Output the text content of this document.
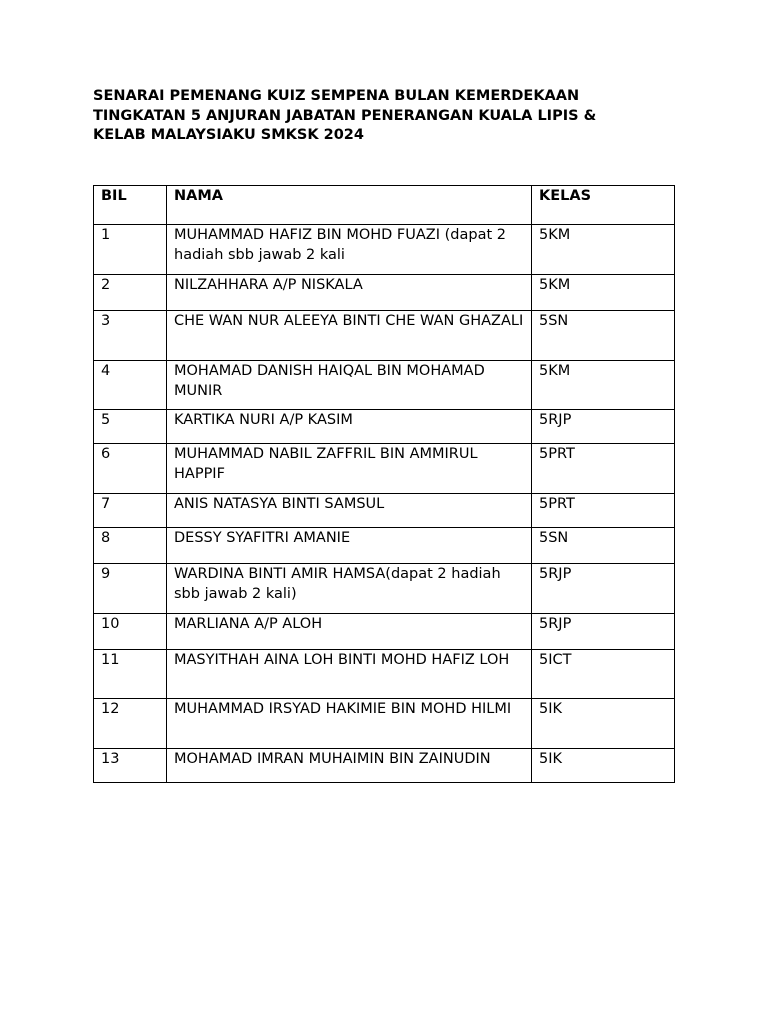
SENARAI PEMENANG KUIZ SEMPENA BULAN KEMERDEKAAN
TINGKATAN 5 ANJURAN JABATAN PENERANGAN KUALA LIPIS &
KELAB MALAYSIAKU SMKSK 2024
BIL	NAMA	KELAS
1	MUHAMMAD HAFIZ BIN MOHD FUAZI (dapat 2 hadiah sbb jawab 2 kali	5KM
2	NILZAHHARA A/P NISKALA	5KM
3	CHE WAN NUR ALEEYA BINTI CHE WAN GHAZALI	5SN
4	MOHAMAD DANISH HAIQAL BIN MOHAMAD MUNIR	5KM
5	KARTIKA NURI A/P KASIM	5RJP
6	MUHAMMAD NABIL ZAFFRIL BIN AMMIRUL HAPPIF	5PRT
7	ANIS NATASYA BINTI SAMSUL	5PRT
8	DESSY SYAFITRI AMANIE	5SN
9	WARDINA BINTI AMIR HAMSA(dapat 2 hadiah sbb jawab 2 kali)	5RJP
10	MARLIANA A/P ALOH	5RJP
11	MASYITHAH AINA LOH BINTI MOHD HAFIZ LOH	5ICT
12	MUHAMMAD IRSYAD HAKIMIE BIN MOHD HILMI	5IK
13	MOHAMAD IMRAN MUHAIMIN BIN ZAINUDIN	5IK
